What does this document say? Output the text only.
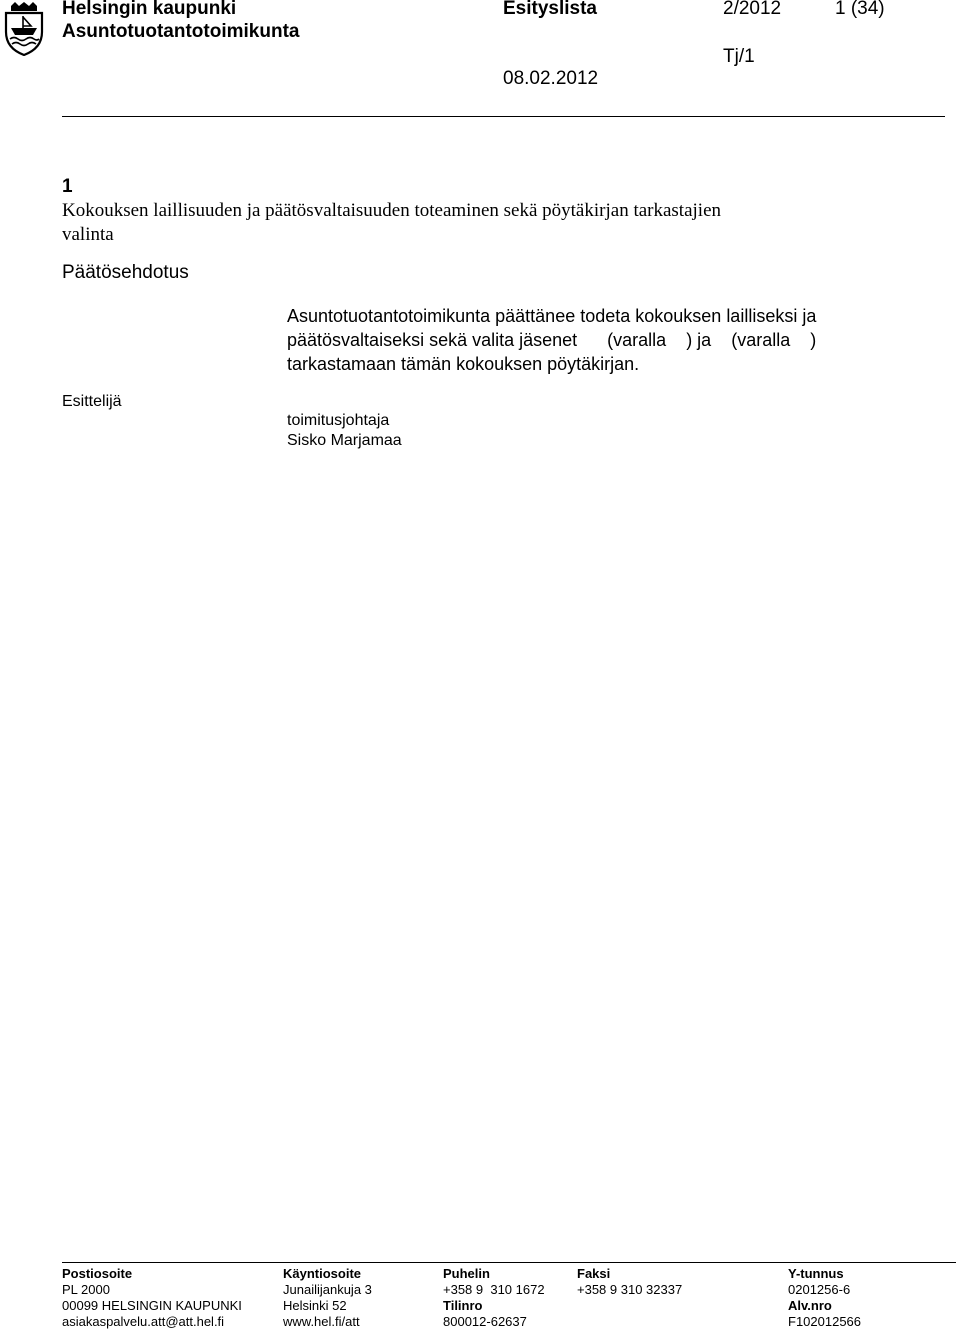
Helsingin kaupunki
Asuntotuotantotoimikunta
Esityslista	2/2012	1 (34)
Tj/1
08.02.2012
1
Kokouksen laillisuuden ja päätösvaltaisuuden toteaminen sekä pöytäkirjan tarkastajien valinta
Päätösehdotus
Asuntotuotantotoimikunta päättänee todeta kokouksen lailliseksi ja
päätösvaltaiseksi sekä valita jäsenet      (varalla    ) ja    (varalla    )
tarkastamaan tämän kokouksen pöytäkirjan.
Esittelijä
toimitusjohtaja
Sisko Marjamaa
Postiosoite
PL 2000
00099 HELSINGIN KAUPUNKI
asiakaspalvelu.att@att.hel.fi
Käyntiosoite
Junailijankuja 3
Helsinki 52
www.hel.fi/att
Puhelin
+358 9  310 1672
Tilinro
800012-62637
Faksi
+358 9 310 32337
Y-tunnus
0201256-6
Alv.nro
F102012566
